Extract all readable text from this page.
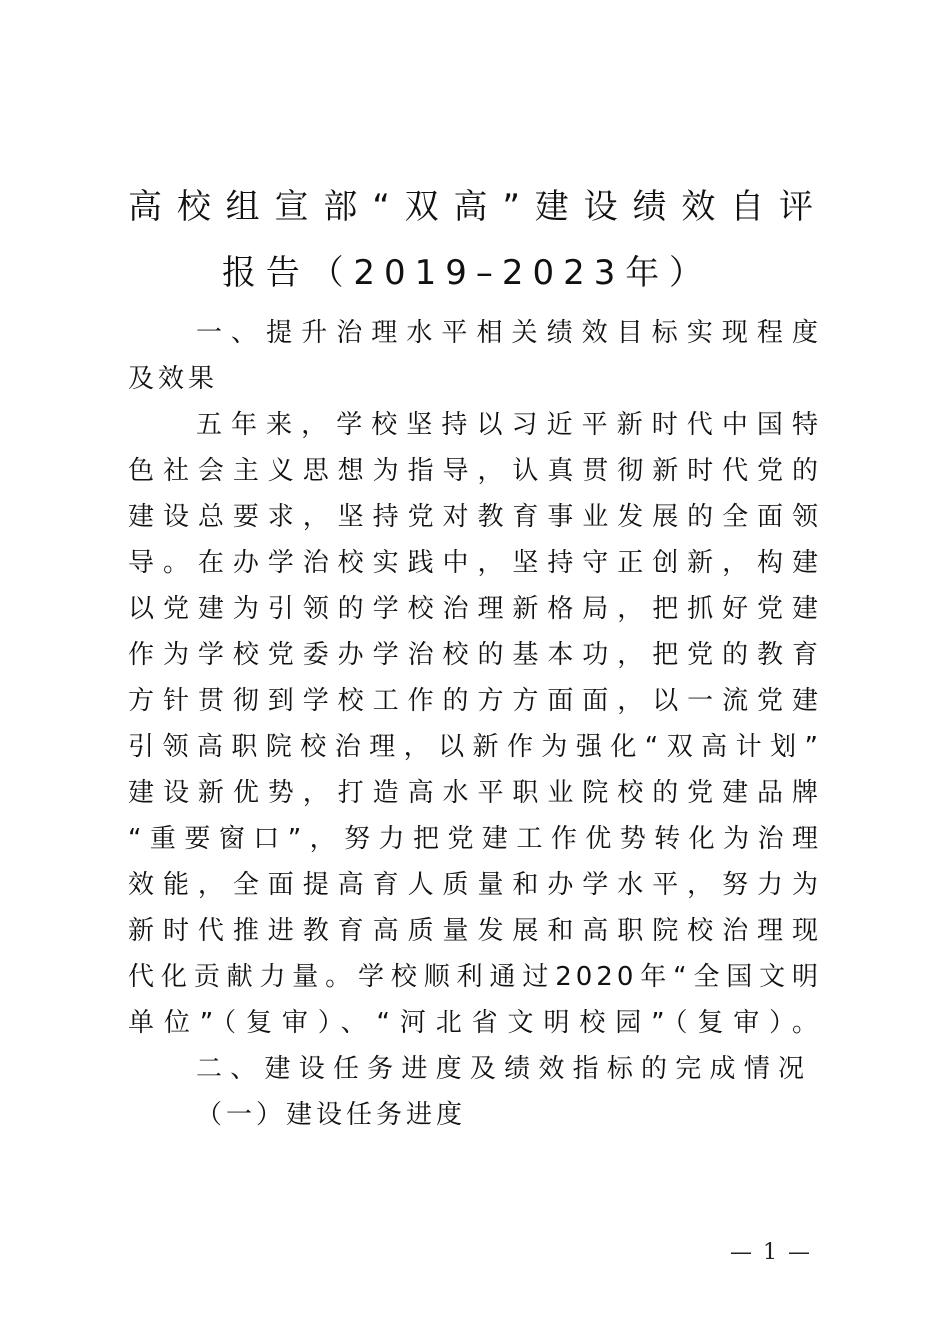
高校组宣部“双高”建设绩效自评
报告（2019–2023年）
一、提升治理水平相关绩效目标实现程度
及效果
五年来，学校坚持以习近平新时代中国特
色社会主义思想为指导，认真贯彻新时代党的
建设总要求，坚持党对教育事业发展的全面领
导。在办学治校实践中，坚持守正创新，构建
以党建为引领的学校治理新格局，把抓好党建
作为学校党委办学治校的基本功，把党的教育
方针贯彻到学校工作的方方面面，以一流党建
引领高职院校治理，以新作为强化“双高计划”
建设新优势，打造高水平职业院校的党建品牌
“重要窗口”，努力把党建工作优势转化为治理
效能，全面提高育人质量和办学水平，努力为
新时代推进教育高质量发展和高职院校治理现
代化贡献力量。学校顺利通过2020年“全国文明
单位”（复审）、“河北省文明校园”（复审）。
二、建设任务进度及绩效指标的完成情况
（一）建设任务进度
— 1 —
